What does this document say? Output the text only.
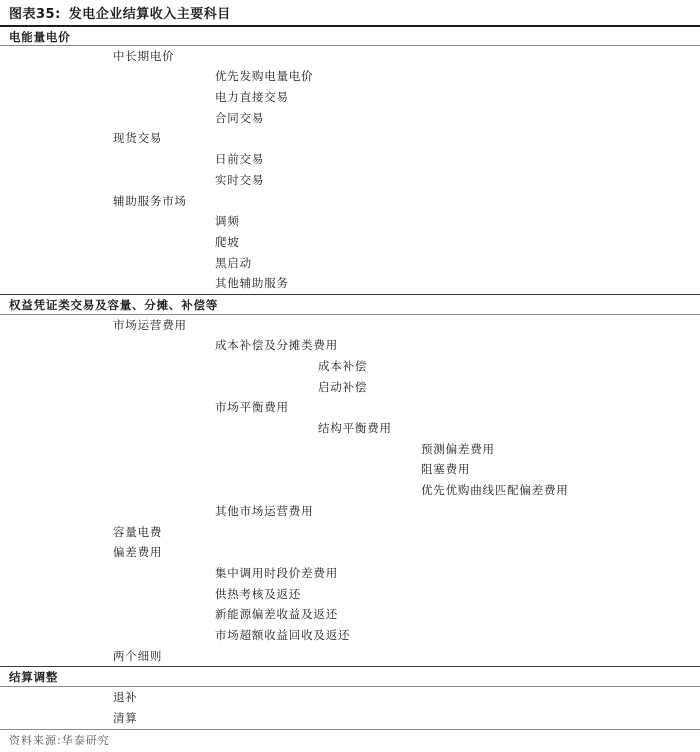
图表35: 发电企业结算收入主要科目
电能量电价
中长期电价
优先发购电量电价
电力直接交易
合同交易
现货交易
日前交易
实时交易
辅助服务市场
调频
爬坡
黑启动
其他辅助服务
权益凭证类交易及容量、分摊、补偿等
市场运营费用
成本补偿及分摊类费用
成本补偿
启动补偿
市场平衡费用
结构平衡费用
预测偏差费用
阻塞费用
优先优购曲线匹配偏差费用
其他市场运营费用
容量电费
偏差费用
集中调用时段价差费用
供热考核及返还
新能源偏差收益及返还
市场超额收益回收及返还
两个细则
结算调整
退补
清算
资料来源:华泰研究
